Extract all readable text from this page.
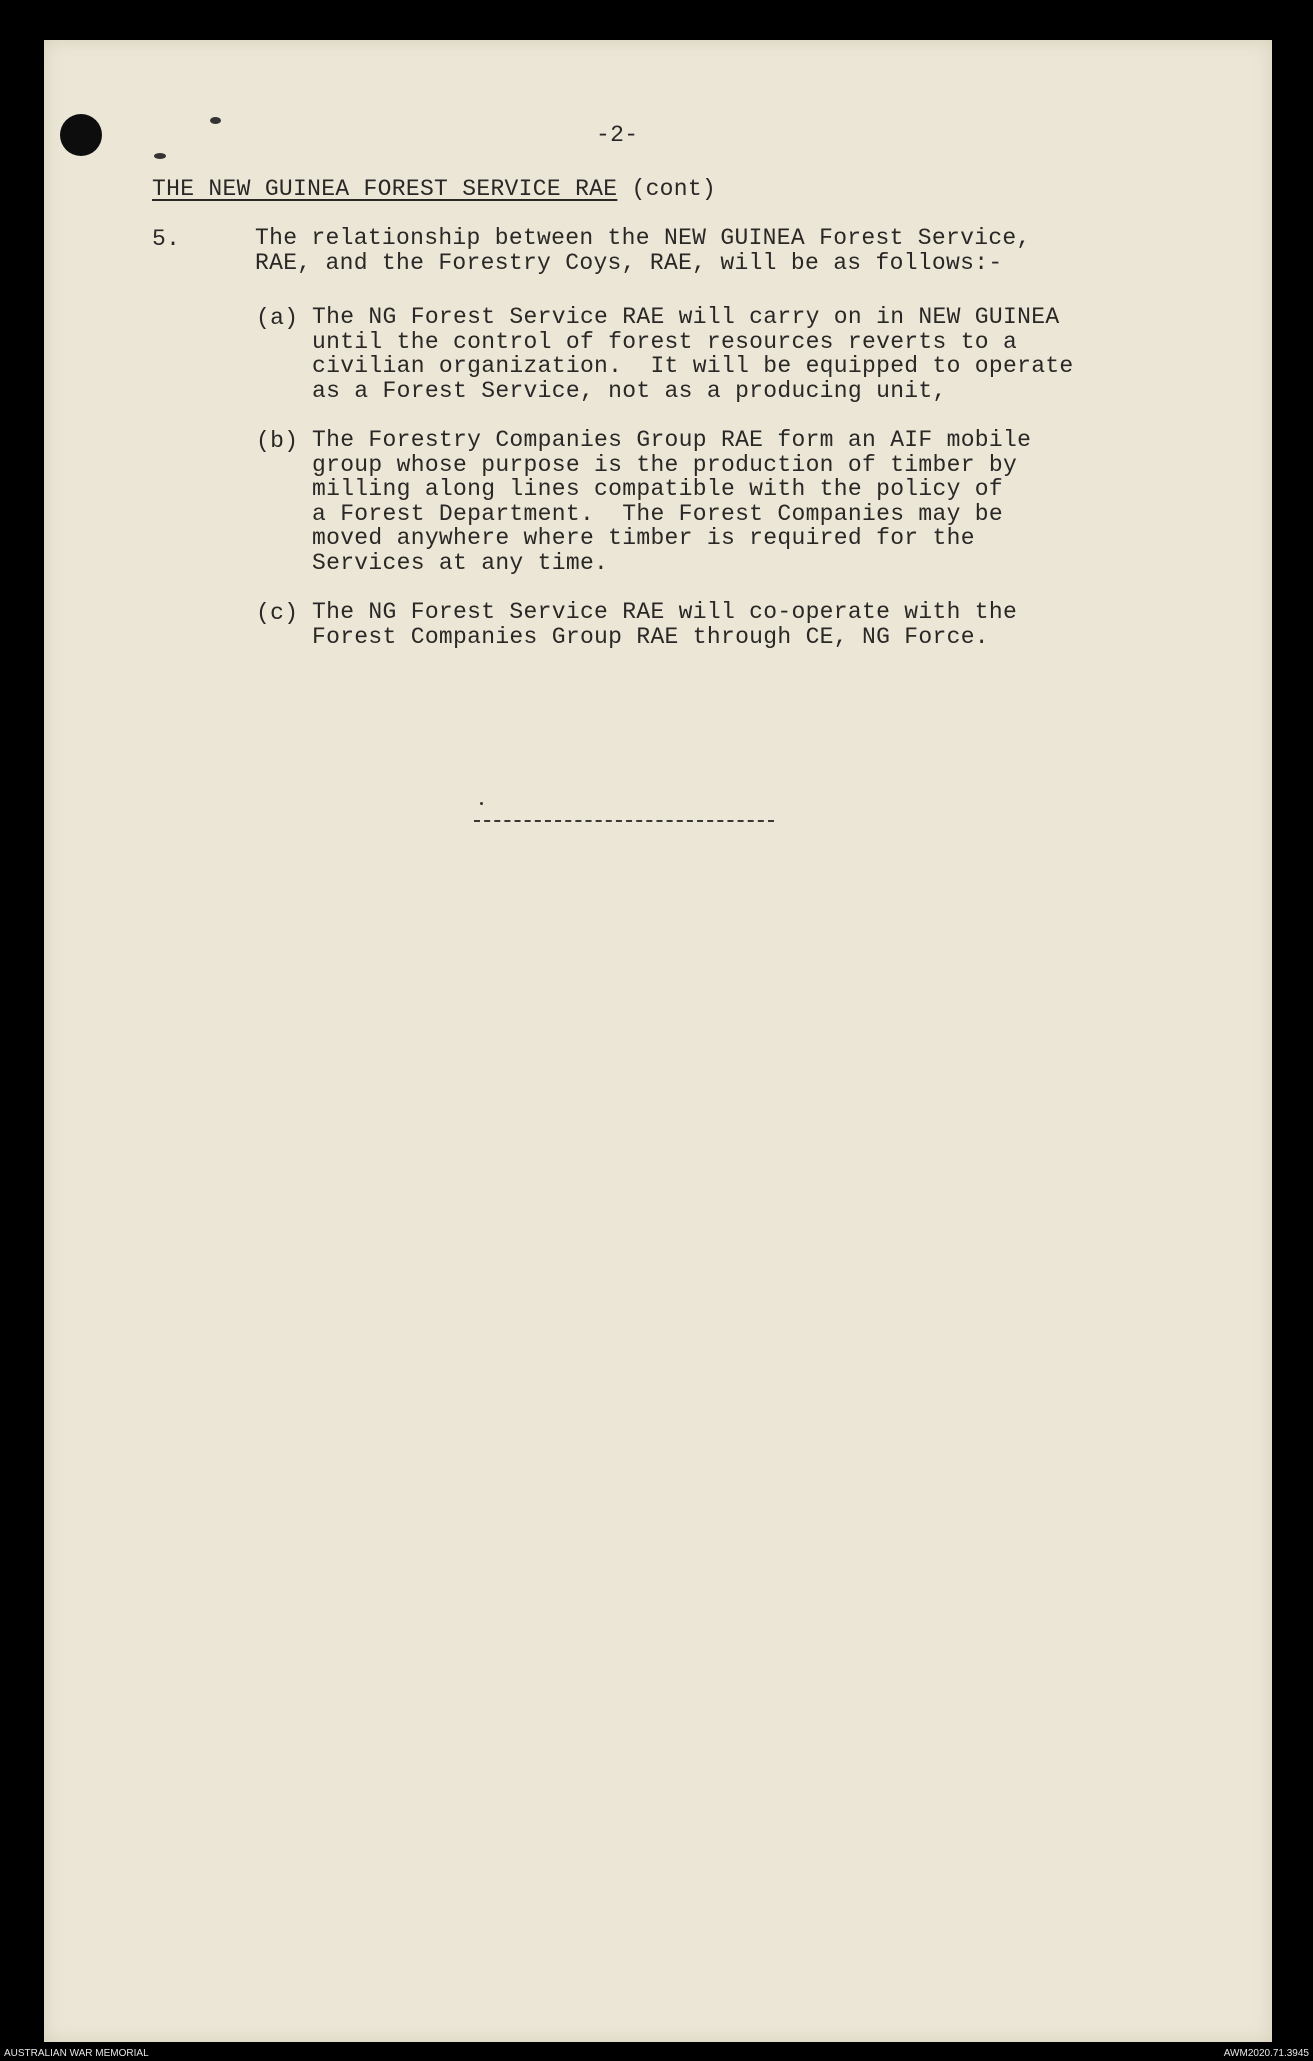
-2-
THE NEW GUINEA FOREST SERVICE RAE (cont)
5.	The relationship between the NEW GUINEA Forest Service,
RAE, and the Forestry Coys, RAE, will be as follows:-
(a) The NG Forest Service RAE will carry on in NEW GUINEA
until the control of forest resources reverts to a
civilian organization.  It will be equipped to operate
as a Forest Service, not as a producing unit,
(b) The Forestry Companies Group RAE form an AIF mobile
group whose purpose is the production of timber by
milling along lines compatible with the policy of
a Forest Department.  The Forest Companies may be
moved anywhere where timber is required for the
Services at any time.
(c) The NG Forest Service RAE will co-operate with the
Forest Companies Group RAE through CE, NG Force.
AUSTRALIAN WAR MEMORIAL	AWM2020.71.3945
